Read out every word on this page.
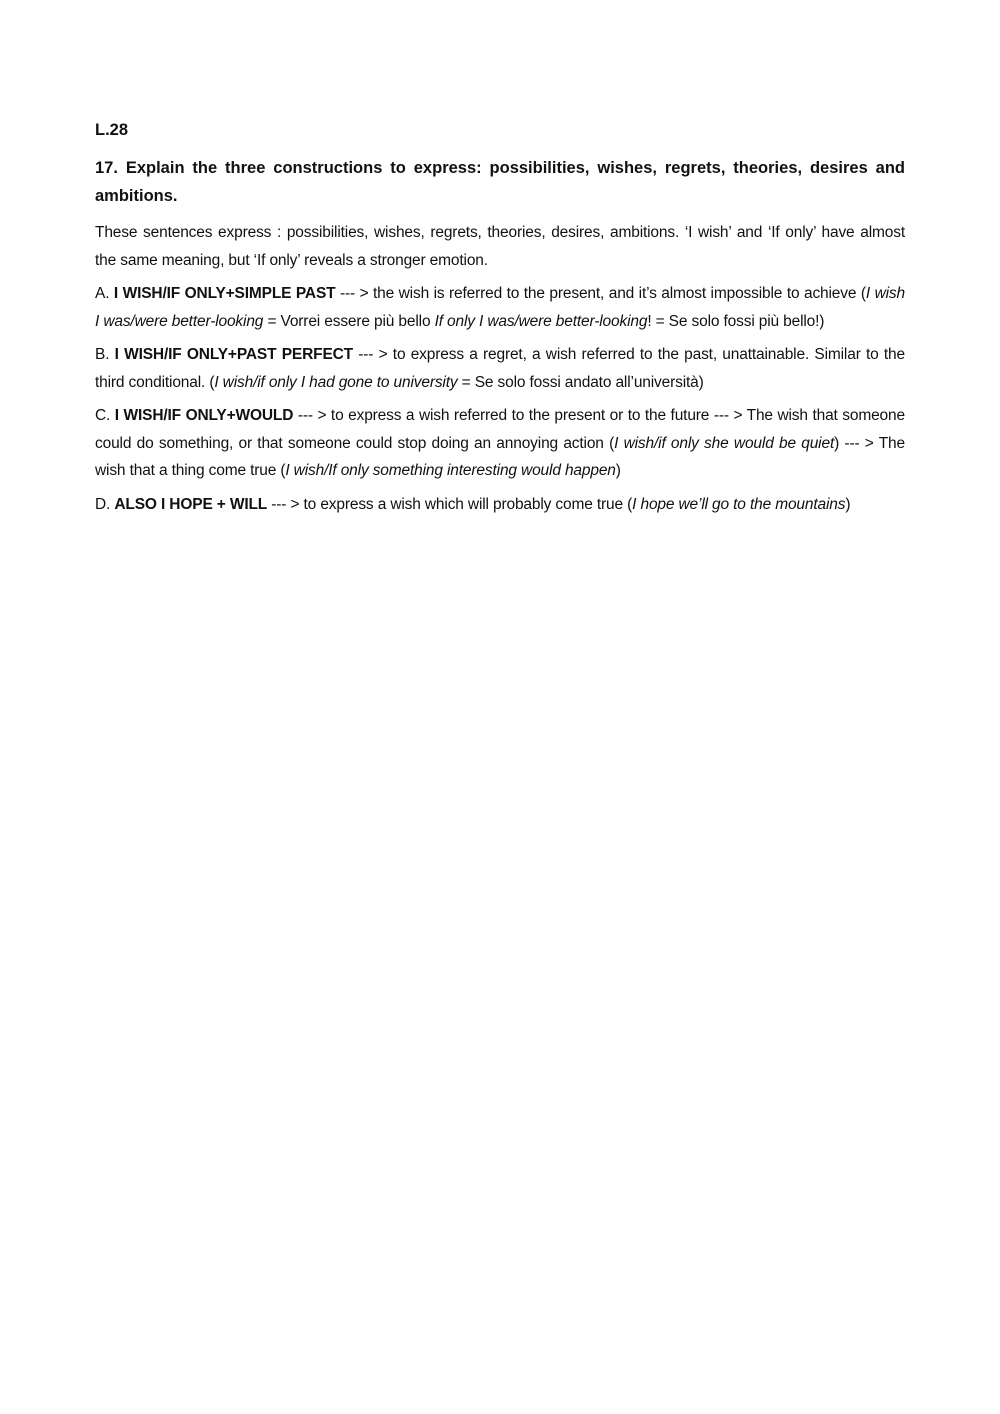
L.28

17. Explain the three constructions to express: possibilities, wishes, regrets, theories, desires and ambitions.

These sentences express : possibilities, wishes, regrets, theories, desires, ambitions. ‘I wish’ and ‘If only’ have almost the same meaning, but ‘If only’ reveals a stronger emotion.

A. I WISH/IF ONLY+SIMPLE PAST --- > the wish is referred to the present, and it’s almost impossible to achieve (I wish I was/were better-looking = Vorrei essere più bello If only I was/were better-looking! = Se solo fossi più bello!)

B. I WISH/IF ONLY+PAST PERFECT --- > to express a regret, a wish referred to the past, unattainable. Similar to the third conditional. (I wish/if only I had gone to university = Se solo fossi andato all’università)

C. I WISH/IF ONLY+WOULD --- > to express a wish referred to the present or to the future --- > The wish that someone could do something, or that someone could stop doing an annoying action (I wish/if only she would be quiet) --- > The wish that a thing come true (I wish/If only something interesting would happen)

D. ALSO I HOPE + WILL --- > to express a wish which will probably come true (I hope we’ll go to the mountains)
